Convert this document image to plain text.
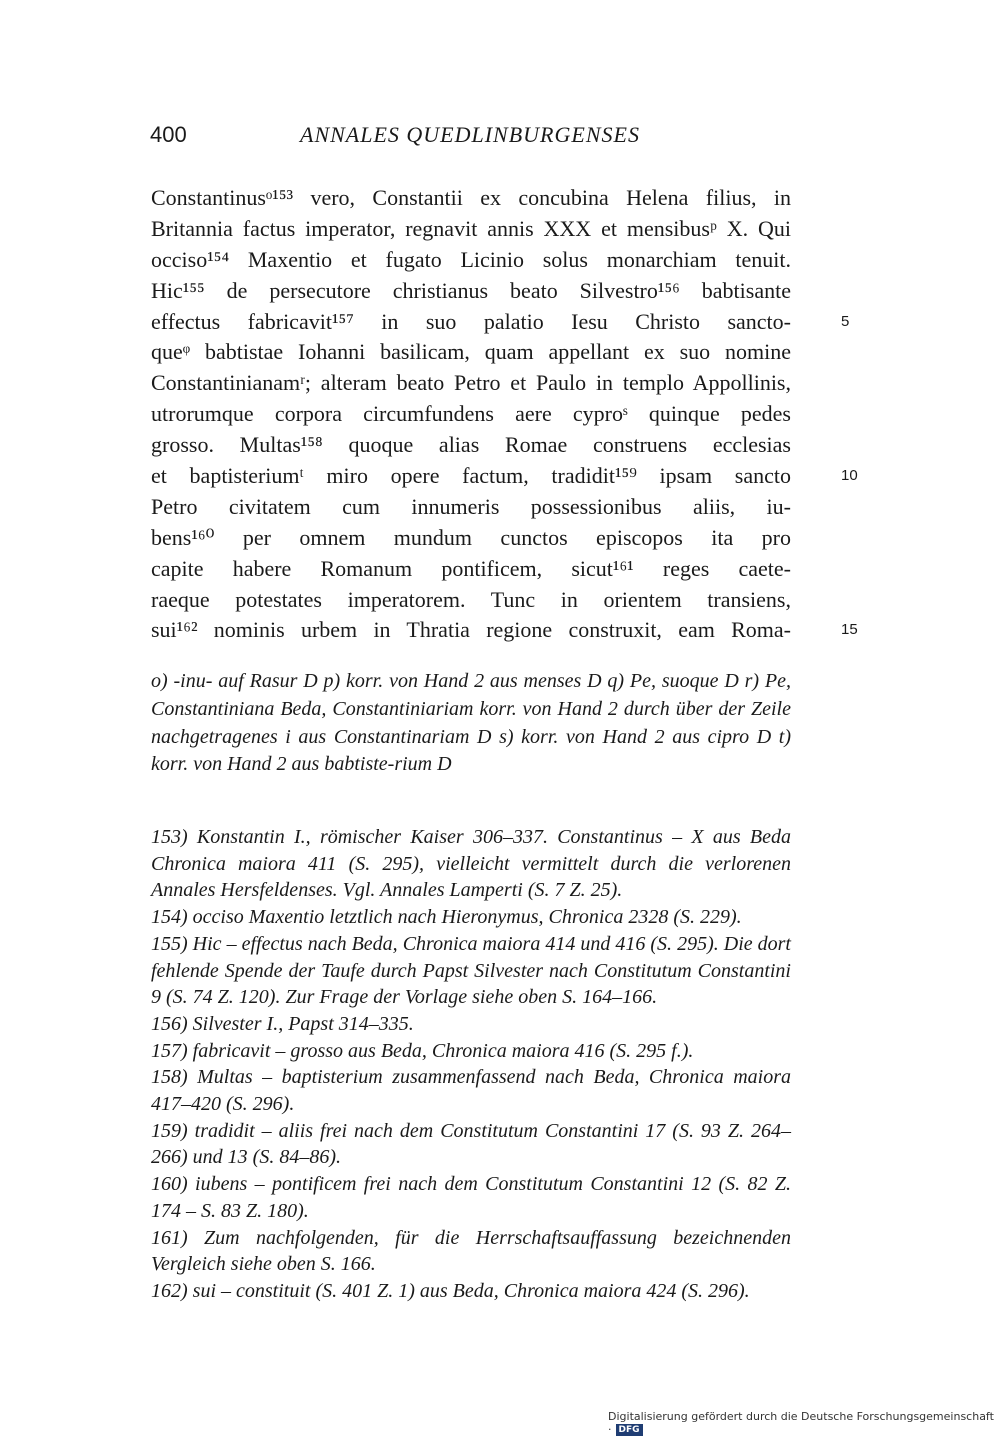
400	ANNALES QUEDLINBURGENSES
Constantinusᵒ¹⁵³ vero, Constantii ex concubina Helena filius, in
Britannia factus imperator, regnavit annis XXX et mensibusᵖ X. Qui
occiso¹⁵⁴ Maxentio et fugato Licinio solus monarchiam tenuit.
Hic¹⁵⁵ de persecutore christianus beato Silvestro¹⁵⁶ babtisante
effectus fabricavit¹⁵⁷ in suo palatio Iesu Christo sancto-	5
queᵠ babtistae Iohanni basilicam, quam appellant ex suo nomine
Constantinianamʳ; alteram beato Petro et Paulo in templo Appollinis,
utrorumque corpora circumfundens aere cyproˢ quinque pedes
grosso. Multas¹⁵⁸ quoque alias Romae construens ecclesias
et baptisteriumᵗ miro opere factum, tradidit¹⁵⁹ ipsam sancto	10
Petro civitatem cum innumeris possessionibus aliis, iu-
bens¹⁶⁰ per omnem mundum cunctos episcopos ita pro
capite habere Romanum pontificem, sicut¹⁶¹ reges caete-
raeque potestates imperatorem. Tunc in orientem transiens,
sui¹⁶² nominis urbem in Thratia regione construxit, eam Roma-	15

o) -inu- auf Rasur D p) korr. von Hand 2 aus menses D q) Pe, suoque D r) Pe, Constantiniana Beda, Constantiniariam korr. von Hand 2 durch über der Zeile nachgetragenes i aus Constantinariam D s) korr. von Hand 2 aus cipro D t) korr. von Hand 2 aus babtiste-rium D

153) Konstantin I., römischer Kaiser 306–337. Constantinus – X aus Beda Chronica maiora 411 (S. 295), vielleicht vermittelt durch die verlorenen Annales Hersfeldenses. Vgl. Annales Lamperti (S. 7 Z. 25).

154) occiso Maxentio letztlich nach Hieronymus, Chronica 2328 (S. 229).

155) Hic – effectus nach Beda, Chronica maiora 414 und 416 (S. 295). Die dort fehlende Spende der Taufe durch Papst Silvester nach Constitutum Constantini 9 (S. 74 Z. 120). Zur Frage der Vorlage siehe oben S. 164–166.

156) Silvester I., Papst 314–335.

157) fabricavit – grosso aus Beda, Chronica maiora 416 (S. 295 f.).

158) Multas – baptisterium zusammenfassend nach Beda, Chronica maiora 417–420 (S. 296).

159) tradidit – aliis frei nach dem Constitutum Constantini 17 (S. 93 Z. 264–266) und 13 (S. 84–86).

160) iubens – pontificem frei nach dem Constitutum Constantini 12 (S. 82 Z. 174 – S. 83 Z. 180).

161) Zum nachfolgenden, für die Herrschaftsauffassung bezeichnenden Vergleich siehe oben S. 166.

162) sui – constituit (S. 401 Z. 1) aus Beda, Chronica maiora 424 (S. 296).

Digitalisierung gefördert durch die Deutsche Forschungsgemeinschaft · DFG
